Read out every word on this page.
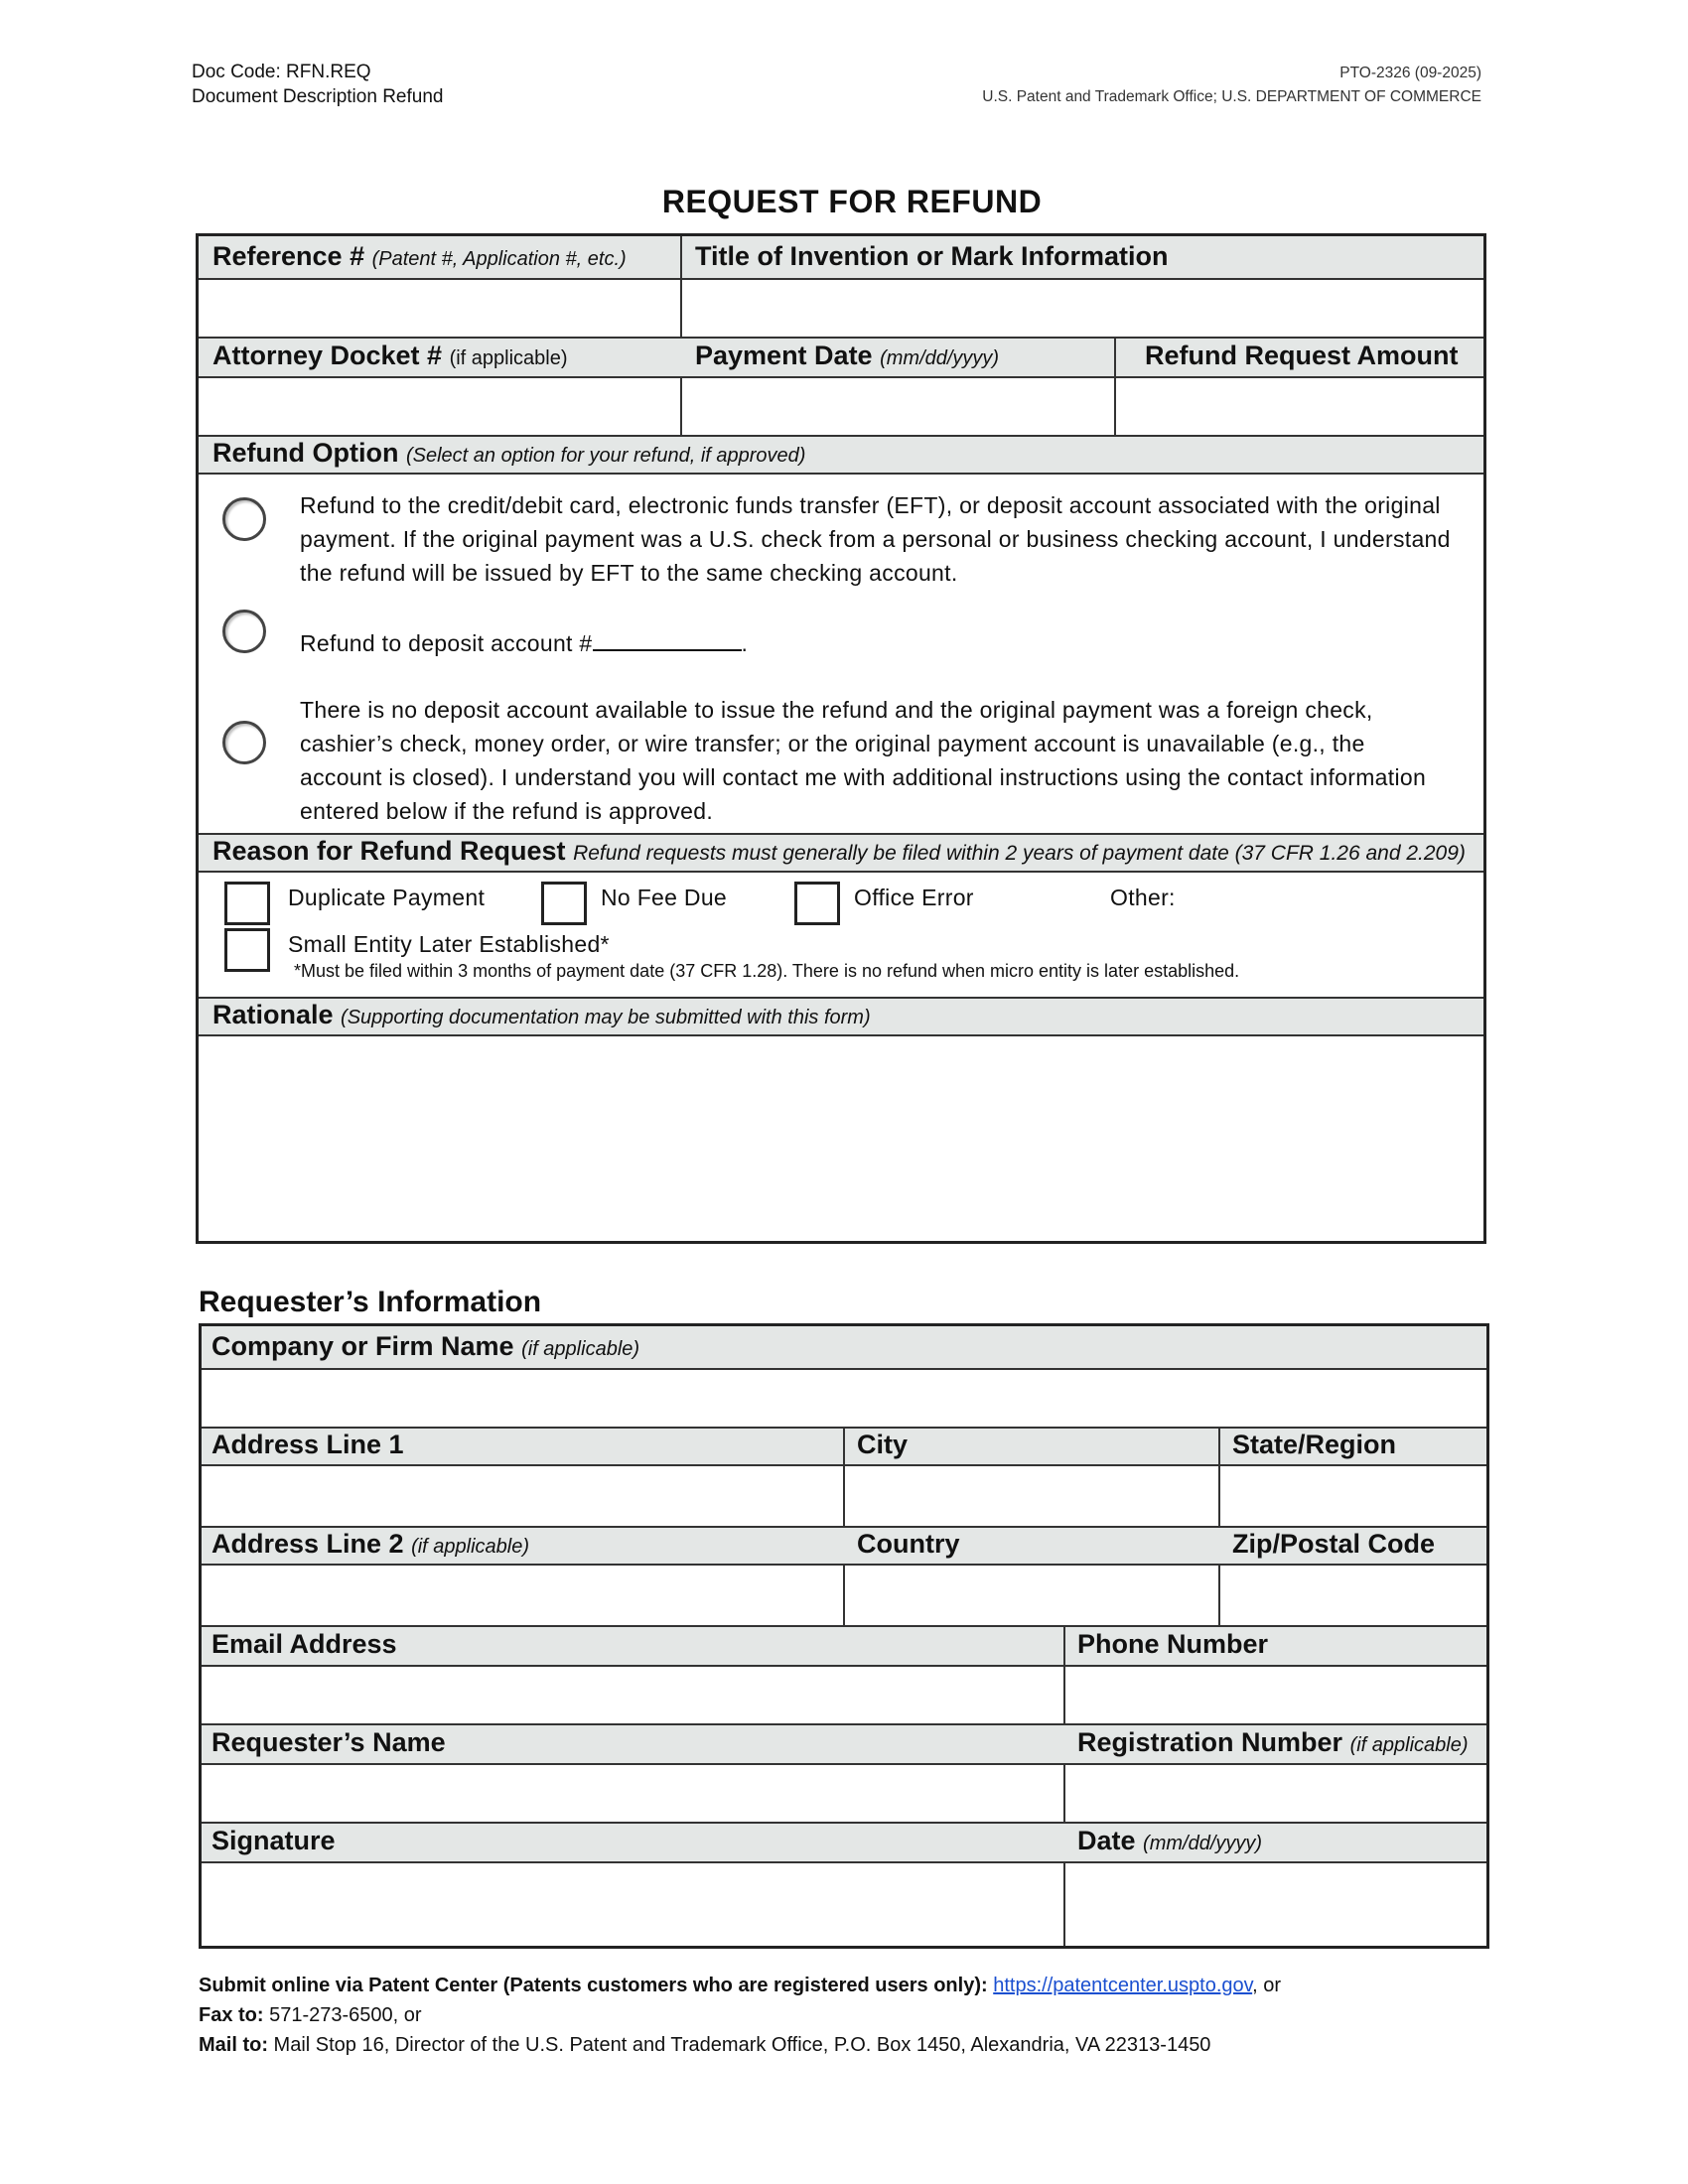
Doc Code: RFN.REQ
Document Description Refund
PTO-2326 (09-2025)
U.S. Patent and Trademark Office; U.S. DEPARTMENT OF COMMERCE
REQUEST FOR REFUND
Reference # (Patent #, Application #, etc.)	Title of Invention or Mark Information
Attorney Docket # (if applicable)	Payment Date (mm/dd/yyyy)	Refund Request Amount
Refund Option (Select an option for your refund, if approved)
Refund to the credit/debit card, electronic funds transfer (EFT), or deposit account associated with the original payment. If the original payment was a U.S. check from a personal or business checking account, I understand the refund will be issued by EFT to the same checking account.
Refund to deposit account #	.
There is no deposit account available to issue the refund and the original payment was a foreign check, cashier’s check, money order, or wire transfer; or the original payment account is unavailable (e.g., the account is closed). I understand you will contact me with additional instructions using the contact information entered below if the refund is approved.
Reason for Refund Request Refund requests must generally be filed within 2 years of payment date (37 CFR 1.26 and 2.209)
Duplicate Payment	No Fee Due	Office Error	Other:
Small Entity Later Established*
*Must be filed within 3 months of payment date (37 CFR 1.28). There is no refund when micro entity is later established.
Rationale (Supporting documentation may be submitted with this form)
Requester’s Information
Company or Firm Name (if applicable)
Address Line 1	City	State/Region
Address Line 2 (if applicable)	Country	Zip/Postal Code
Email Address	Phone Number
Requester’s Name	Registration Number (if applicable)
Signature	Date (mm/dd/yyyy)
Submit online via Patent Center (Patents customers who are registered users only): https://patentcenter.uspto.gov, or
Fax to: 571-273-6500, or
Mail to: Mail Stop 16, Director of the U.S. Patent and Trademark Office, P.O. Box 1450, Alexandria, VA 22313-1450
